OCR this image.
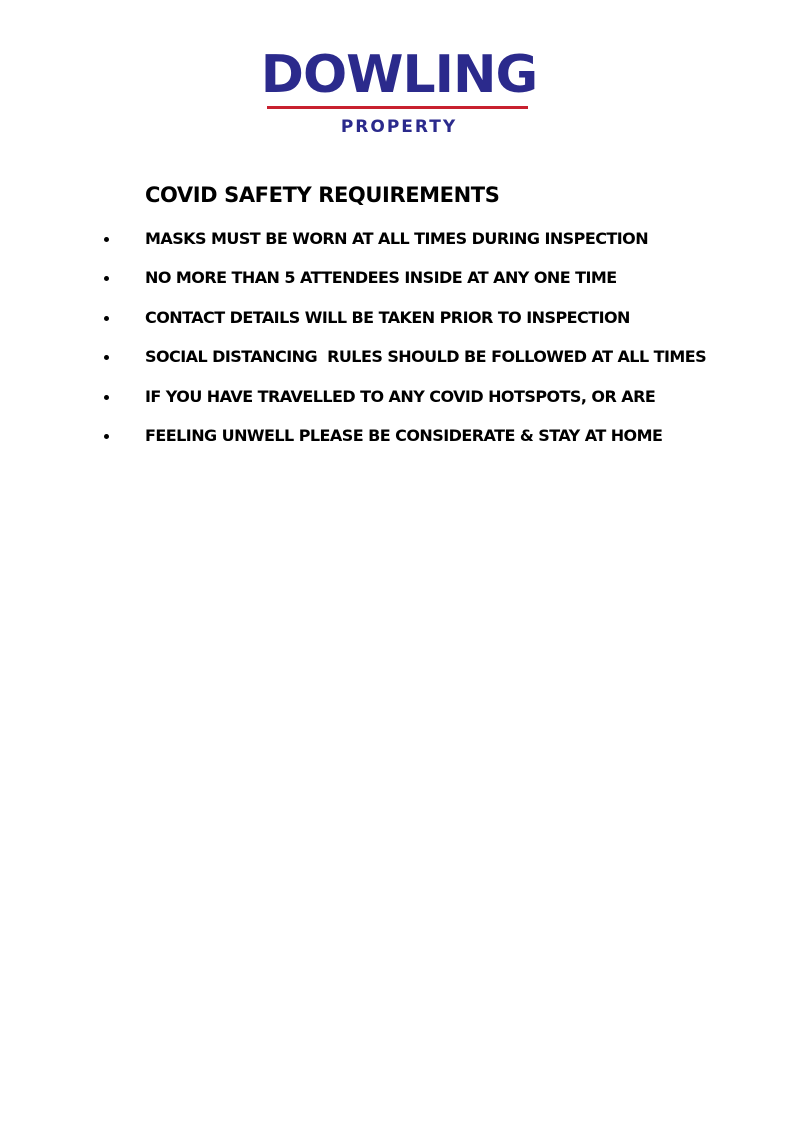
DOWLING
PROPERTY
COVID SAFETY REQUIREMENTS
MASKS MUST BE WORN AT ALL TIMES DURING INSPECTION
NO MORE THAN 5 ATTENDEES INSIDE AT ANY ONE TIME
CONTACT DETAILS WILL BE TAKEN PRIOR TO INSPECTION
SOCIAL DISTANCING  RULES SHOULD BE FOLLOWED AT ALL TIMES
IF YOU HAVE TRAVELLED TO ANY COVID HOTSPOTS, OR ARE
FEELING UNWELL PLEASE BE CONSIDERATE & STAY AT HOME
